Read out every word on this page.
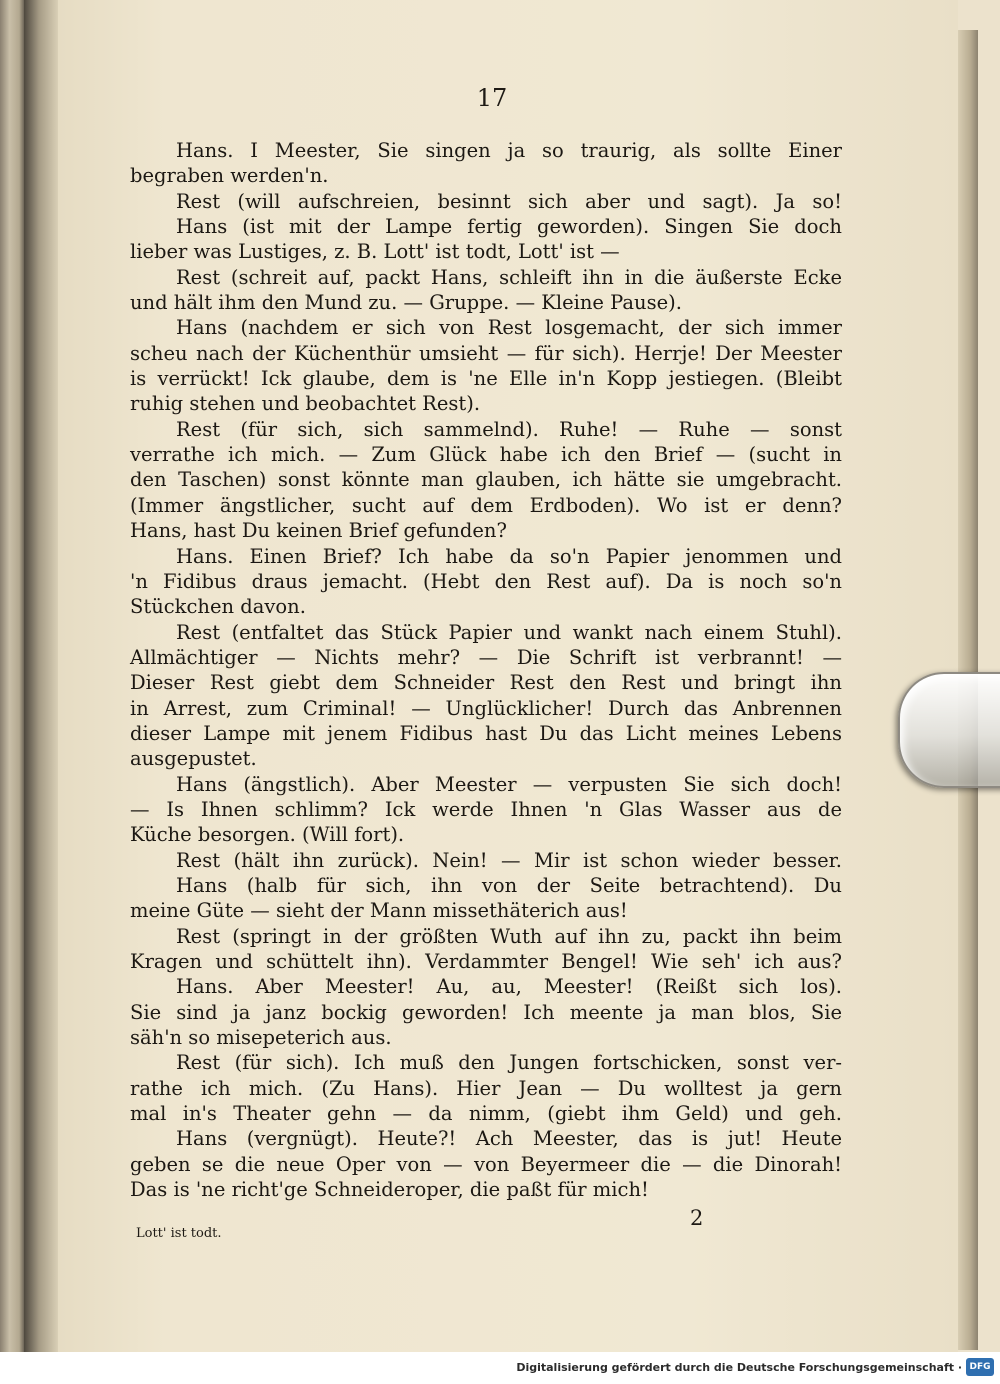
17
Hans. I Meester, Sie singen ja so traurig, als sollte Einer
begraben werden'n.
Rest (will aufschreien, besinnt sich aber und sagt). Ja so!
Hans (ist mit der Lampe fertig geworden). Singen Sie doch
lieber was Lustiges, z. B. Lott' ist todt, Lott' ist —
Rest (schreit auf, packt Hans, schleift ihn in die äußerste Ecke
und hält ihm den Mund zu. — Gruppe. — Kleine Pause).
Hans (nachdem er sich von Rest losgemacht, der sich immer
scheu nach der Küchenthür umsieht — für sich). Herrje! Der Meester
is verrückt! Ick glaube, dem is 'ne Elle in'n Kopp jestiegen. (Bleibt
ruhig stehen und beobachtet Rest).
Rest (für sich, sich sammelnd). Ruhe! — Ruhe — sonst
verrathe ich mich. — Zum Glück habe ich den Brief — (sucht in
den Taschen) sonst könnte man glauben, ich hätte sie umgebracht.
(Immer ängstlicher, sucht auf dem Erdboden). Wo ist er denn?
Hans, hast Du keinen Brief gefunden?
Hans. Einen Brief? Ich habe da so'n Papier jenommen und
'n Fidibus draus jemacht. (Hebt den Rest auf). Da is noch so'n
Stückchen davon.
Rest (entfaltet das Stück Papier und wankt nach einem Stuhl).
Allmächtiger — Nichts mehr? — Die Schrift ist verbrannt! —
Dieser Rest giebt dem Schneider Rest den Rest und bringt ihn
in Arrest, zum Criminal! — Unglücklicher! Durch das Anbrennen
dieser Lampe mit jenem Fidibus hast Du das Licht meines Lebens
ausgepustet.
Hans (ängstlich). Aber Meester — verpusten Sie sich doch!
— Is Ihnen schlimm? Ick werde Ihnen 'n Glas Wasser aus de
Küche besorgen. (Will fort).
Rest (hält ihn zurück). Nein! — Mir ist schon wieder besser.
Hans (halb für sich, ihn von der Seite betrachtend). Du
meine Güte — sieht der Mann missethäterich aus!
Rest (springt in der größten Wuth auf ihn zu, packt ihn beim
Kragen und schüttelt ihn). Verdammter Bengel! Wie seh' ich aus?
Hans. Aber Meester! Au, au, Meester! (Reißt sich los).
Sie sind ja janz bockig geworden! Ich meente ja man blos, Sie
säh'n so misepeterich aus.
Rest (für sich). Ich muß den Jungen fortschicken, sonst ver-
rathe ich mich. (Zu Hans). Hier Jean — Du wolltest ja gern
mal in's Theater gehn — da nimm, (giebt ihm Geld) und geh.
Hans (vergnügt). Heute?! Ach Meester, das is jut! Heute
geben se die neue Oper von — von Beyermeer die — die Dinorah!
Das is 'ne richt'ge Schneideroper, die paßt für mich!
2
Lott' ist todt.
Digitalisierung gefördert durch die Deutsche Forschungsgemeinschaft · DFG
